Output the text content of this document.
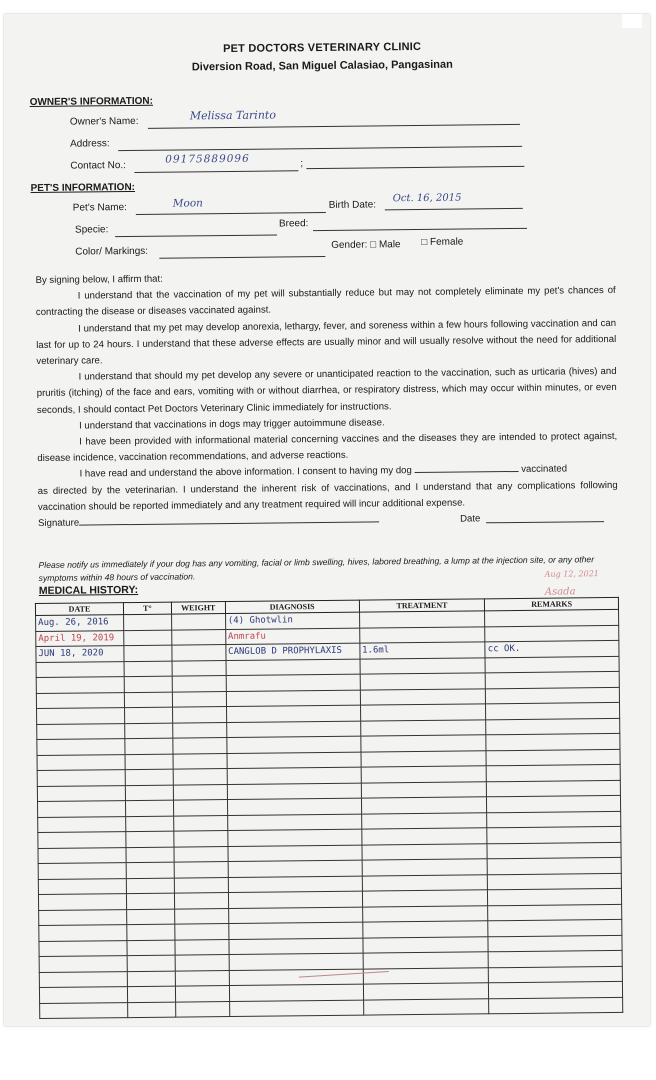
PET DOCTORS VETERINARY CLINIC
Diversion Road, San Miguel Calasiao, Pangasinan
OWNER'S INFORMATION:
Owner's Name:	Melissa Tarinto
Address:
Contact No.:	;
09175889096
PET'S INFORMATION:
Pet's Name:	Moon	Birth Date:
Oct. 16, 2015
Specie:
Breed:
Color/ Markings:
Gender: □ Male □ Female

By signing below, I affirm that:

I understand that the vaccination of my pet will substantially reduce but may not completely eliminate my pet's chances of contracting the disease or diseases vaccinated against.

I understand that my pet may develop anorexia, lethargy, fever, and soreness within a few hours following vaccination and can last for up to 24 hours. I understand that these adverse effects are usually minor and will usually resolve without the need for additional veterinary care.

I understand that should my pet develop any severe or unanticipated reaction to the vaccination, such as urticaria (hives) and pruritis (itching) of the face and ears, vomiting with or without diarrhea, or respiratory distress, which may occur within minutes, or even seconds, I should contact Pet Doctors Veterinary Clinic immediately for instructions.

I understand that vaccinations in dogs may trigger autoimmune disease.

I have been provided with informational material concerning vaccines and the diseases they are intended to protect against, disease incidence, vaccination recommendations, and adverse reactions.

I have read and understand the above information. I consent to having my dog	vaccinated

as directed by the veterinarian. I understand the inherent risk of vaccinations, and I understand that any complications following vaccination should be reported immediately and any treatment required will incur additional expense.

Signature	Date

Please notify us immediately if your dog has any vomiting, facial or limb swelling, hives, labored breathing, a lump at the injection site, or any other symptoms within 48 hours of vaccination.
Asada
Aug 12, 2021
MEDICAL HISTORY:
DATE	T°	WEIGHT	DIAGNOSIS	TREATMENT	REMARKS
Aug. 26, 2016			(4) Ghotwlin		
April 19, 2019			Anmrafu		
JUN 18, 2020			CANGLOB D PROPHYLAXIS	1.6ml	cc OK.
